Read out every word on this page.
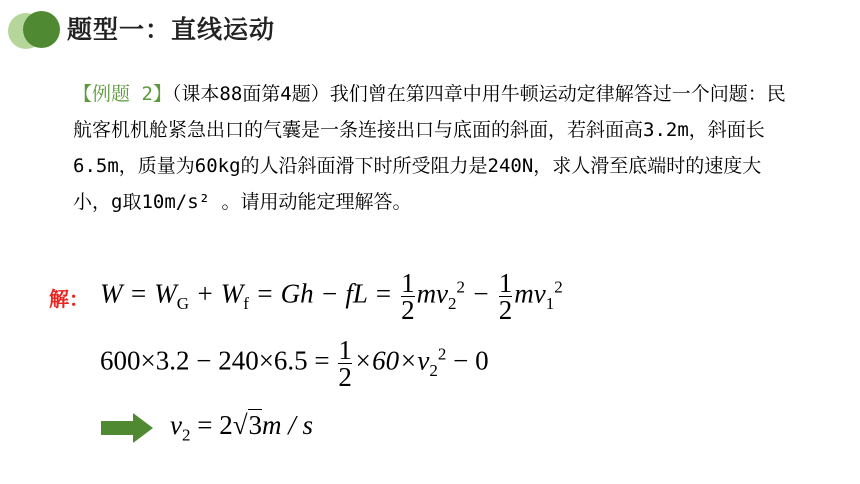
题型一：直线运动
【例题 2】（课本88面第4题）我们曾在第四章中用牛顿运动定律解答过一个问题：民航客机机舱紧急出口的气囊是一条连接出口与底面的斜面，若斜面高3.2m，斜面长6.5m，质量为60kg的人沿斜面滑下时所受阻力是240N，求人滑至底端时的速度大小，g取10m/s² 。请用动能定理解答。
解： $W = W_G + W_f = Gh$ − fL = $\frac{1}{2} mv_2^2 - \frac{1}{2} mv_1^2$
$600\times 3.2 - 240\times 6.5 = \frac{1}{2} \times 60\times v_2^2 - 0$
$v_2 = 2√3m / s$
